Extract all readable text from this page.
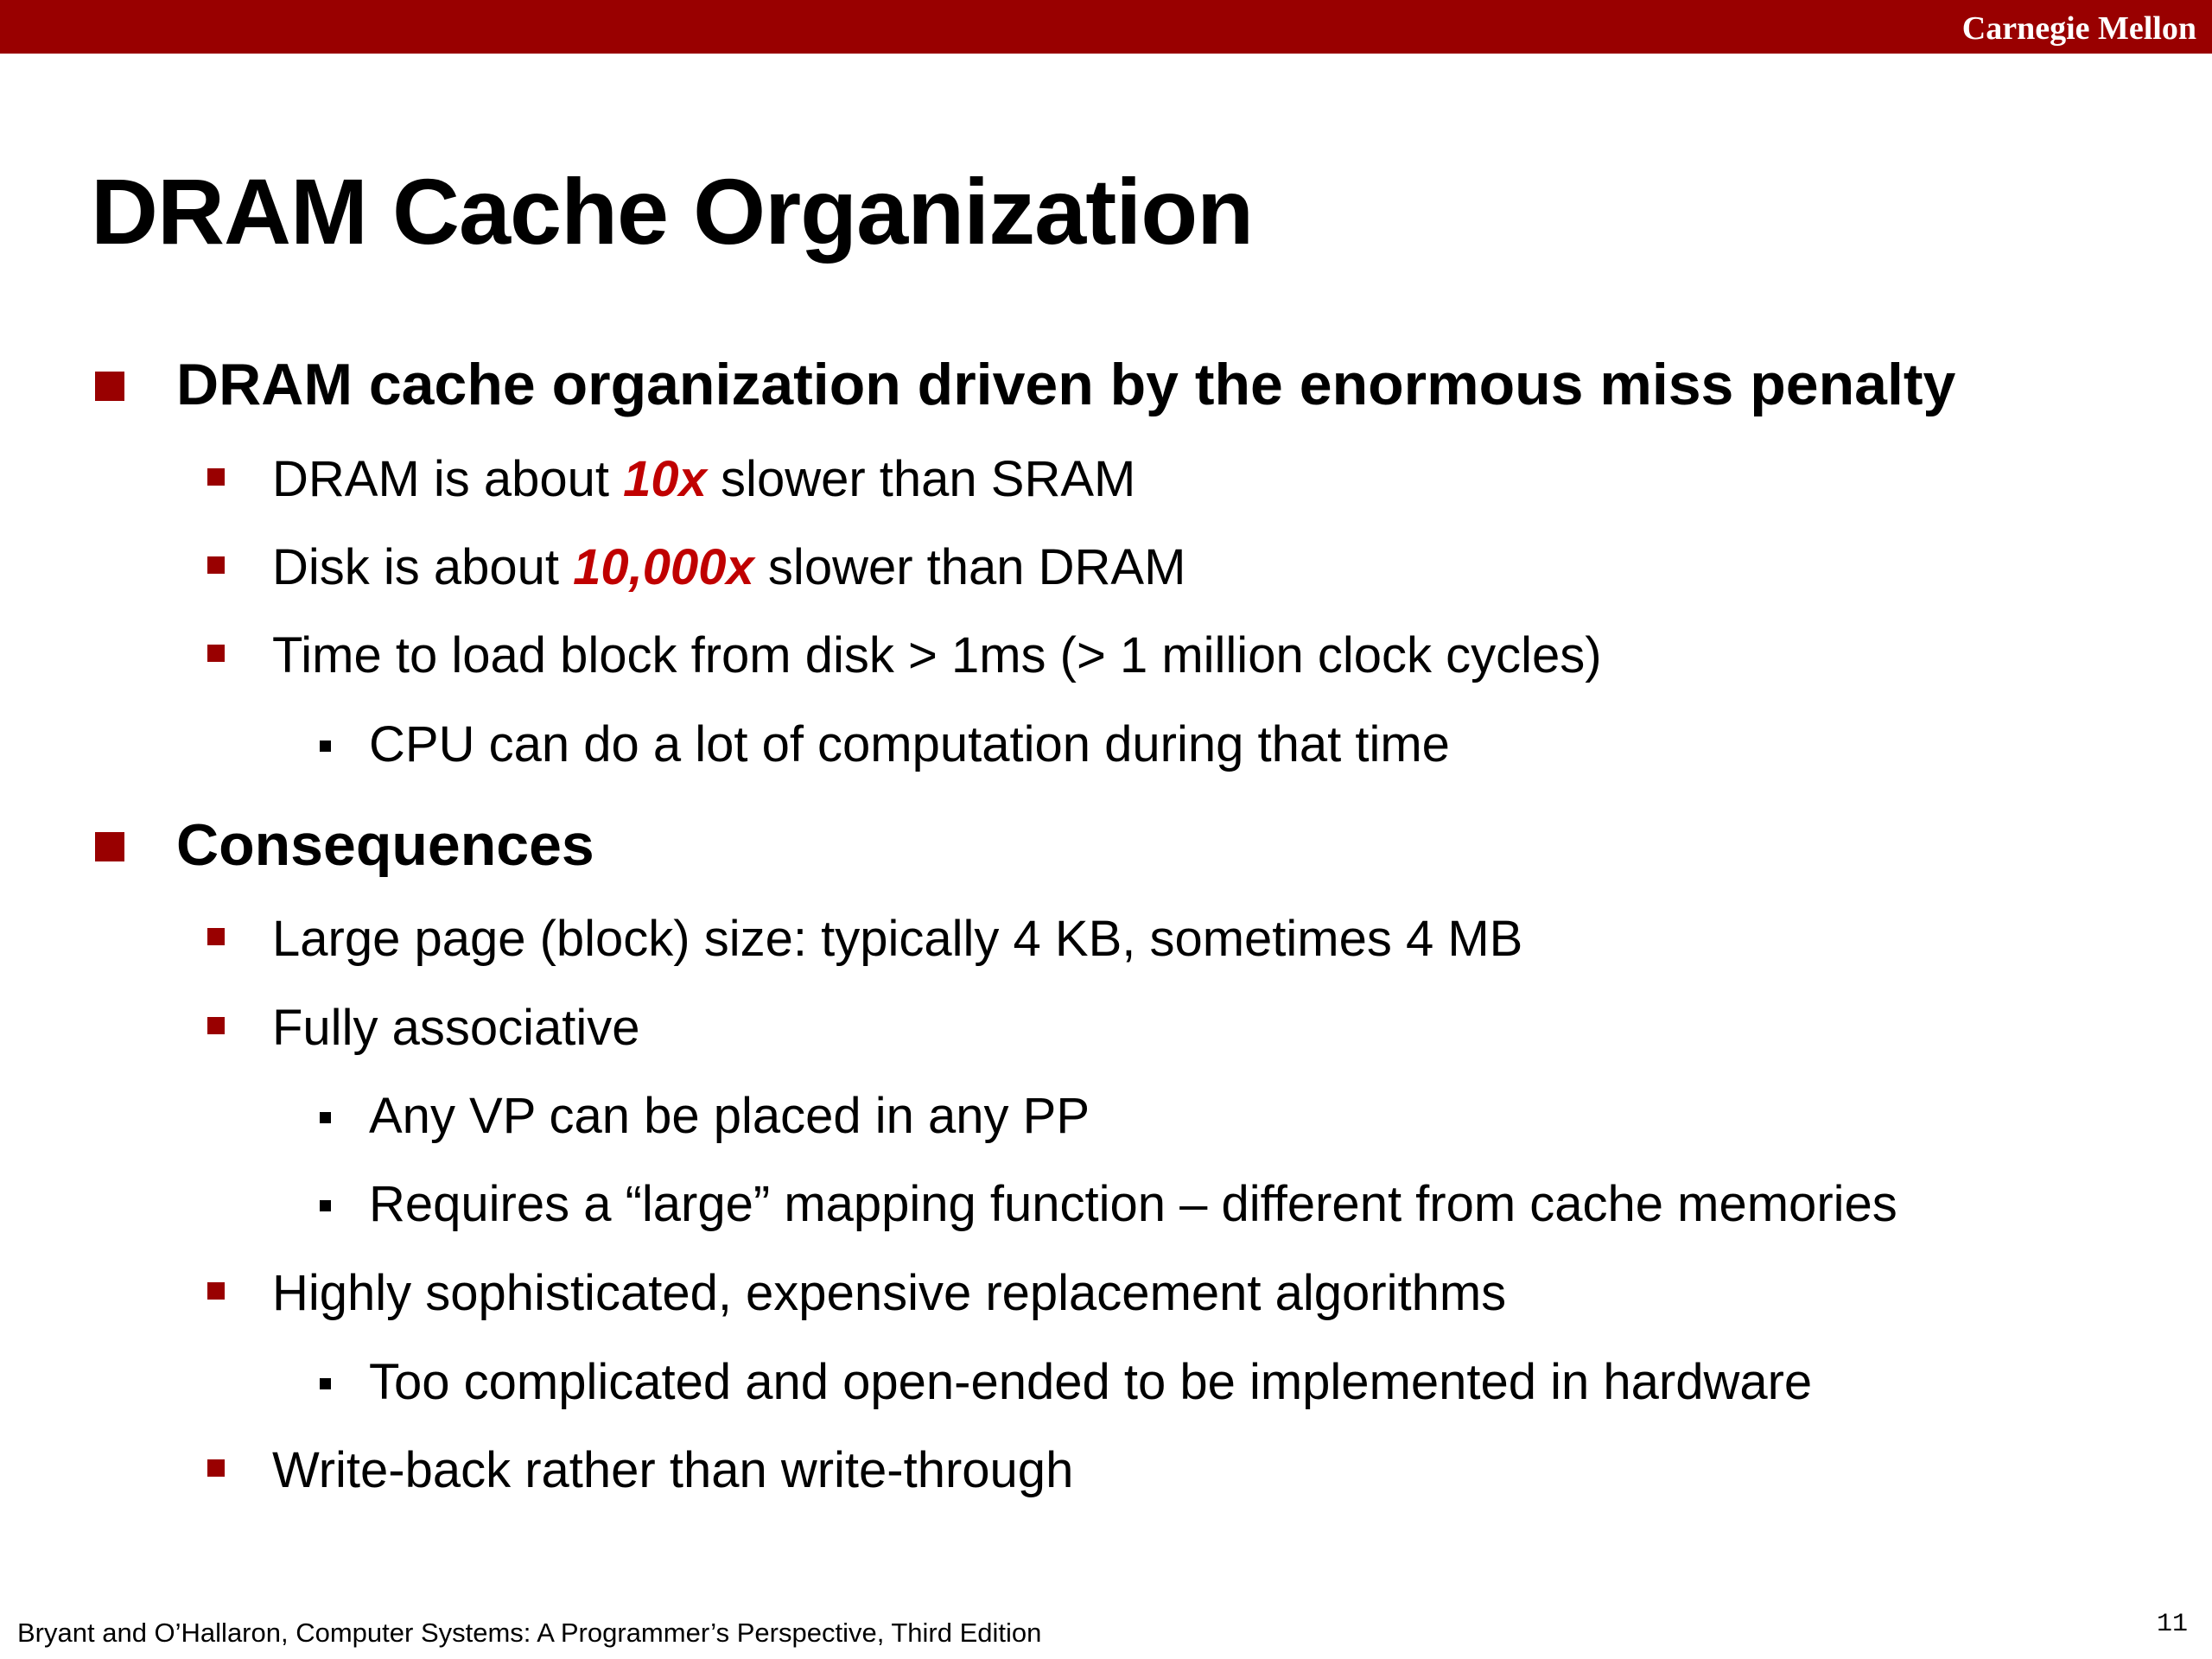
Carnegie Mellon
DRAM Cache Organization
DRAM cache organization driven by the enormous miss penalty
DRAM is about 10x slower than SRAM
Disk is about 10,000x slower than DRAM
Time to load block from disk > 1ms (> 1 million clock cycles)
CPU can do a lot of computation during that time
Consequences
Large page (block) size: typically 4 KB, sometimes 4 MB
Fully associative
Any VP can be placed in any PP
Requires a “large” mapping function – different from cache memories
Highly sophisticated, expensive replacement algorithms
Too complicated and open-ended to be implemented in hardware
Write-back rather than write-through
Bryant and O’Hallaron, Computer Systems: A Programmer’s Perspective, Third Edition	11
